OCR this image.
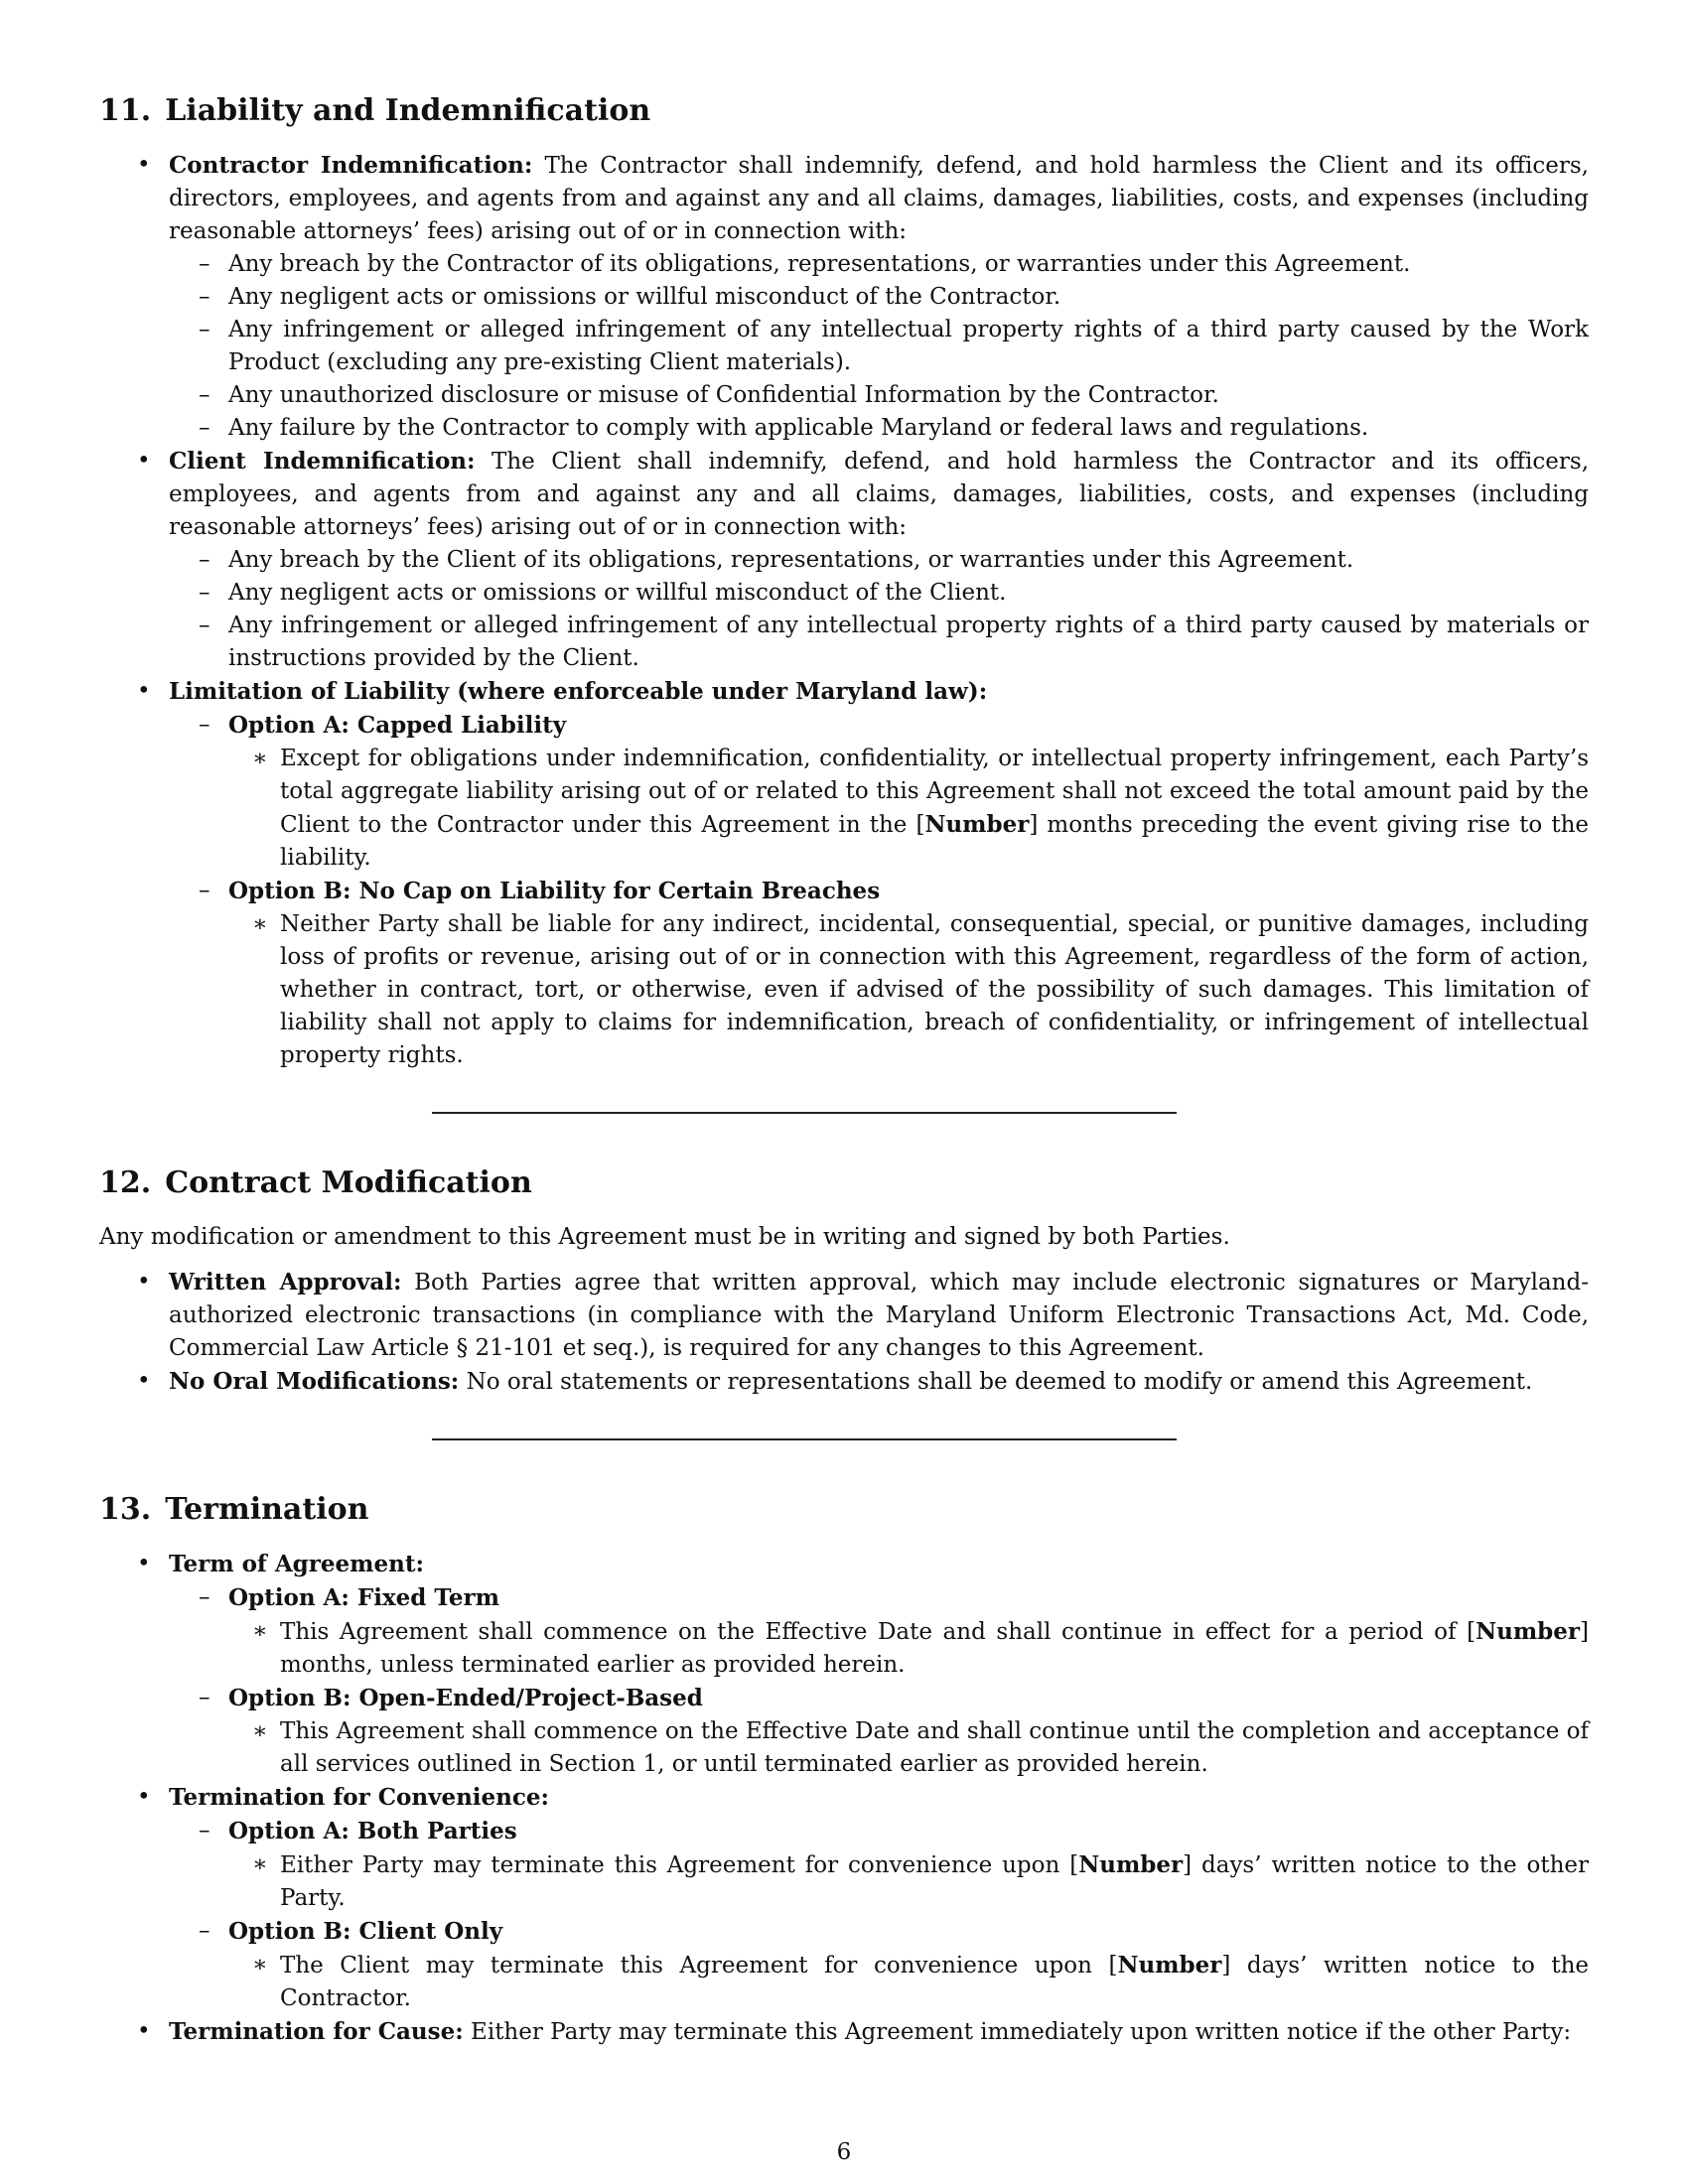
11. Liability and Indemnification
• Contractor Indemnification: The Contractor shall indemnify, defend, and hold harmless the Client and its officers, directors, employees, and agents from and against any and all claims, damages, liabilities, costs, and expenses (including reasonable attorneys’ fees) arising out of or in connection with:
– Any breach by the Contractor of its obligations, representations, or warranties under this Agreement.
– Any negligent acts or omissions or willful misconduct of the Contractor.
– Any infringement or alleged infringement of any intellectual property rights of a third party caused by the Work Product (excluding any pre-existing Client materials).
– Any unauthorized disclosure or misuse of Confidential Information by the Contractor.
– Any failure by the Contractor to comply with applicable Maryland or federal laws and regulations.
• Client Indemnification: The Client shall indemnify, defend, and hold harmless the Contractor and its officers, employees, and agents from and against any and all claims, damages, liabilities, costs, and expenses (including reasonable attorneys’ fees) arising out of or in connection with:
– Any breach by the Client of its obligations, representations, or warranties under this Agreement.
– Any negligent acts or omissions or willful misconduct of the Client.
– Any infringement or alleged infringement of any intellectual property rights of a third party caused by materials or instructions provided by the Client.
• Limitation of Liability (where enforceable under Maryland law):
– Option A: Capped Liability
∗ Except for obligations under indemnification, confidentiality, or intellectual property infringement, each Party’s total aggregate liability arising out of or related to this Agreement shall not exceed the total amount paid by the Client to the Contractor under this Agreement in the [Number] months preceding the event giving rise to the liability.
– Option B: No Cap on Liability for Certain Breaches
∗ Neither Party shall be liable for any indirect, incidental, consequential, special, or punitive damages, including loss of profits or revenue, arising out of or in connection with this Agreement, regardless of the form of action, whether in contract, tort, or otherwise, even if advised of the possibility of such damages. This limitation of liability shall not apply to claims for indemnification, breach of confidentiality, or infringement of intellectual property rights.
12. Contract Modification

Any modification or amendment to this Agreement must be in writing and signed by both Parties.

• Written Approval: Both Parties agree that written approval, which may include electronic signatures or Maryland-authorized electronic transactions (in compliance with the Maryland Uniform Electronic Transactions Act, Md. Code, Commercial Law Article § 21-101 et seq.), is required for any changes to this Agreement.
• No Oral Modifications: No oral statements or representations shall be deemed to modify or amend this Agreement.
13. Termination
• Term of Agreement:
– Option A: Fixed Term
∗ This Agreement shall commence on the Effective Date and shall continue in effect for a period of [Number] months, unless terminated earlier as provided herein.
– Option B: Open-Ended/Project-Based
∗ This Agreement shall commence on the Effective Date and shall continue until the completion and acceptance of all services outlined in Section 1, or until terminated earlier as provided herein.
• Termination for Convenience:
– Option A: Both Parties
∗ Either Party may terminate this Agreement for convenience upon [Number] days’ written notice to the other Party.
– Option B: Client Only
∗ The Client may terminate this Agreement for convenience upon [Number] days’ written notice to the Contractor.
• Termination for Cause: Either Party may terminate this Agreement immediately upon written notice if the other Party:
6
